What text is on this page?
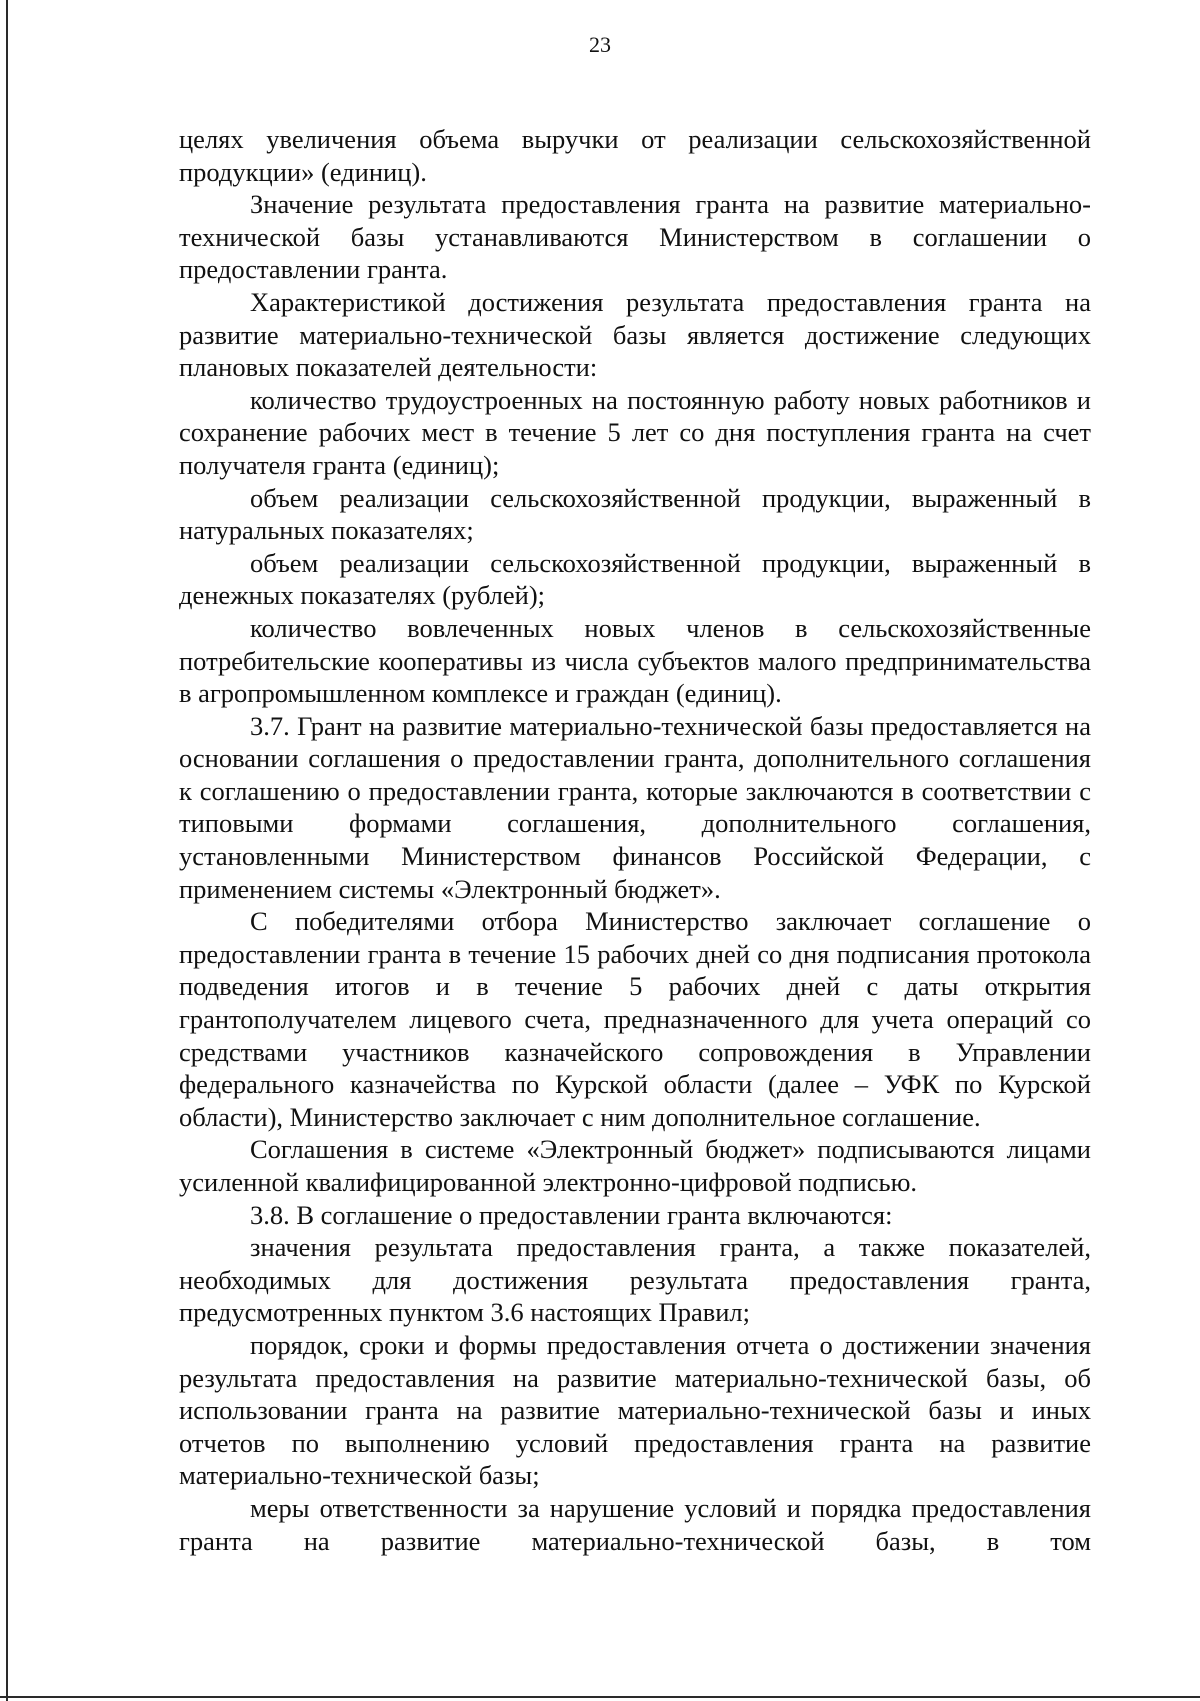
23

целях увеличения объема выручки от реализации сельскохозяйственной продукции» (единиц).

Значение результата предоставления гранта на развитие материально-технической базы устанавливаются Министерством в соглашении о предоставлении гранта.

Характеристикой достижения результата предоставления гранта на развитие материально-технической базы является достижение следующих плановых показателей деятельности:

количество трудоустроенных на постоянную работу новых работников и сохранение рабочих мест в течение 5 лет со дня поступления гранта на счет получателя гранта (единиц);

объем реализации сельскохозяйственной продукции, выраженный в натуральных показателях;

объем реализации сельскохозяйственной продукции, выраженный в денежных показателях (рублей);

количество вовлеченных новых членов в сельскохозяйственные потребительские кооперативы из числа субъектов малого предпринимательства в агропромышленном комплексе и граждан (единиц).

3.7. Грант на развитие материально-технической базы предоставляется на основании соглашения о предоставлении гранта, дополнительного соглашения к соглашению о предоставлении гранта, которые заключаются в соответствии с типовыми формами соглашения, дополнительного соглашения, установленными Министерством финансов Российской Федерации, с применением системы «Электронный бюджет».

С победителями отбора Министерство заключает соглашение о предоставлении гранта в течение 15 рабочих дней со дня подписания протокола подведения итогов и в течение 5 рабочих дней с даты открытия грантополучателем лицевого счета, предназначенного для учета операций со средствами участников казначейского сопровождения в Управлении федерального казначейства по Курской области (далее – УФК по Курской области), Министерство заключает с ним дополнительное соглашение.

Соглашения в системе «Электронный бюджет» подписываются лицами усиленной квалифицированной электронно-цифровой подписью.

3.8. В соглашение о предоставлении гранта включаются:

значения результата предоставления гранта, а также показателей, необходимых для достижения результата предоставления гранта, предусмотренных пунктом 3.6 настоящих Правил;

порядок, сроки и формы предоставления отчета о достижении значения результата предоставления на развитие материально-технической базы, об использовании гранта на развитие материально-технической базы и иных отчетов по выполнению условий предоставления гранта на развитие материально-технической базы;

меры ответственности за нарушение условий и порядка предоставления гранта на развитие материально-технической базы, в том
